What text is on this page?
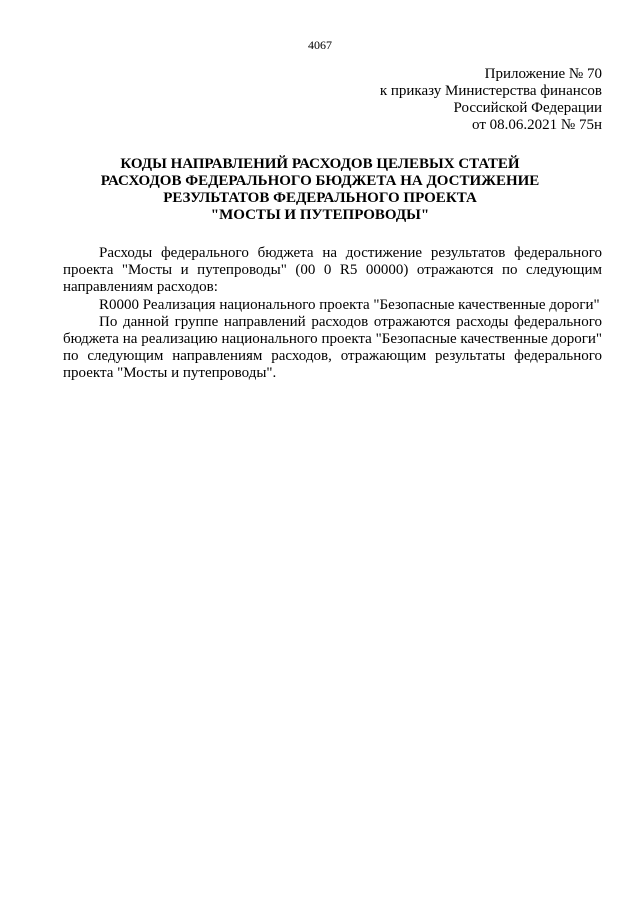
4067
Приложение № 70
к приказу Министерства финансов
Российской Федерации
от 08.06.2021 № 75н
КОДЫ НАПРАВЛЕНИЙ РАСХОДОВ ЦЕЛЕВЫХ СТАТЕЙ
РАСХОДОВ ФЕДЕРАЛЬНОГО БЮДЖЕТА НА ДОСТИЖЕНИЕ
РЕЗУЛЬТАТОВ ФЕДЕРАЛЬНОГО ПРОЕКТА
"МОСТЫ И ПУТЕПРОВОДЫ"

Расходы федерального бюджета на достижение результатов федерального проекта "Мосты и путепроводы" (00 0 R5 00000) отражаются по следующим направлениям расходов:

R0000 Реализация национального проекта "Безопасные качественные дороги"

По данной группе направлений расходов отражаются расходы федерального бюджета на реализацию национального проекта "Безопасные качественные дороги" по следующим направлениям расходов, отражающим результаты федерального проекта "Мосты и путепроводы".
